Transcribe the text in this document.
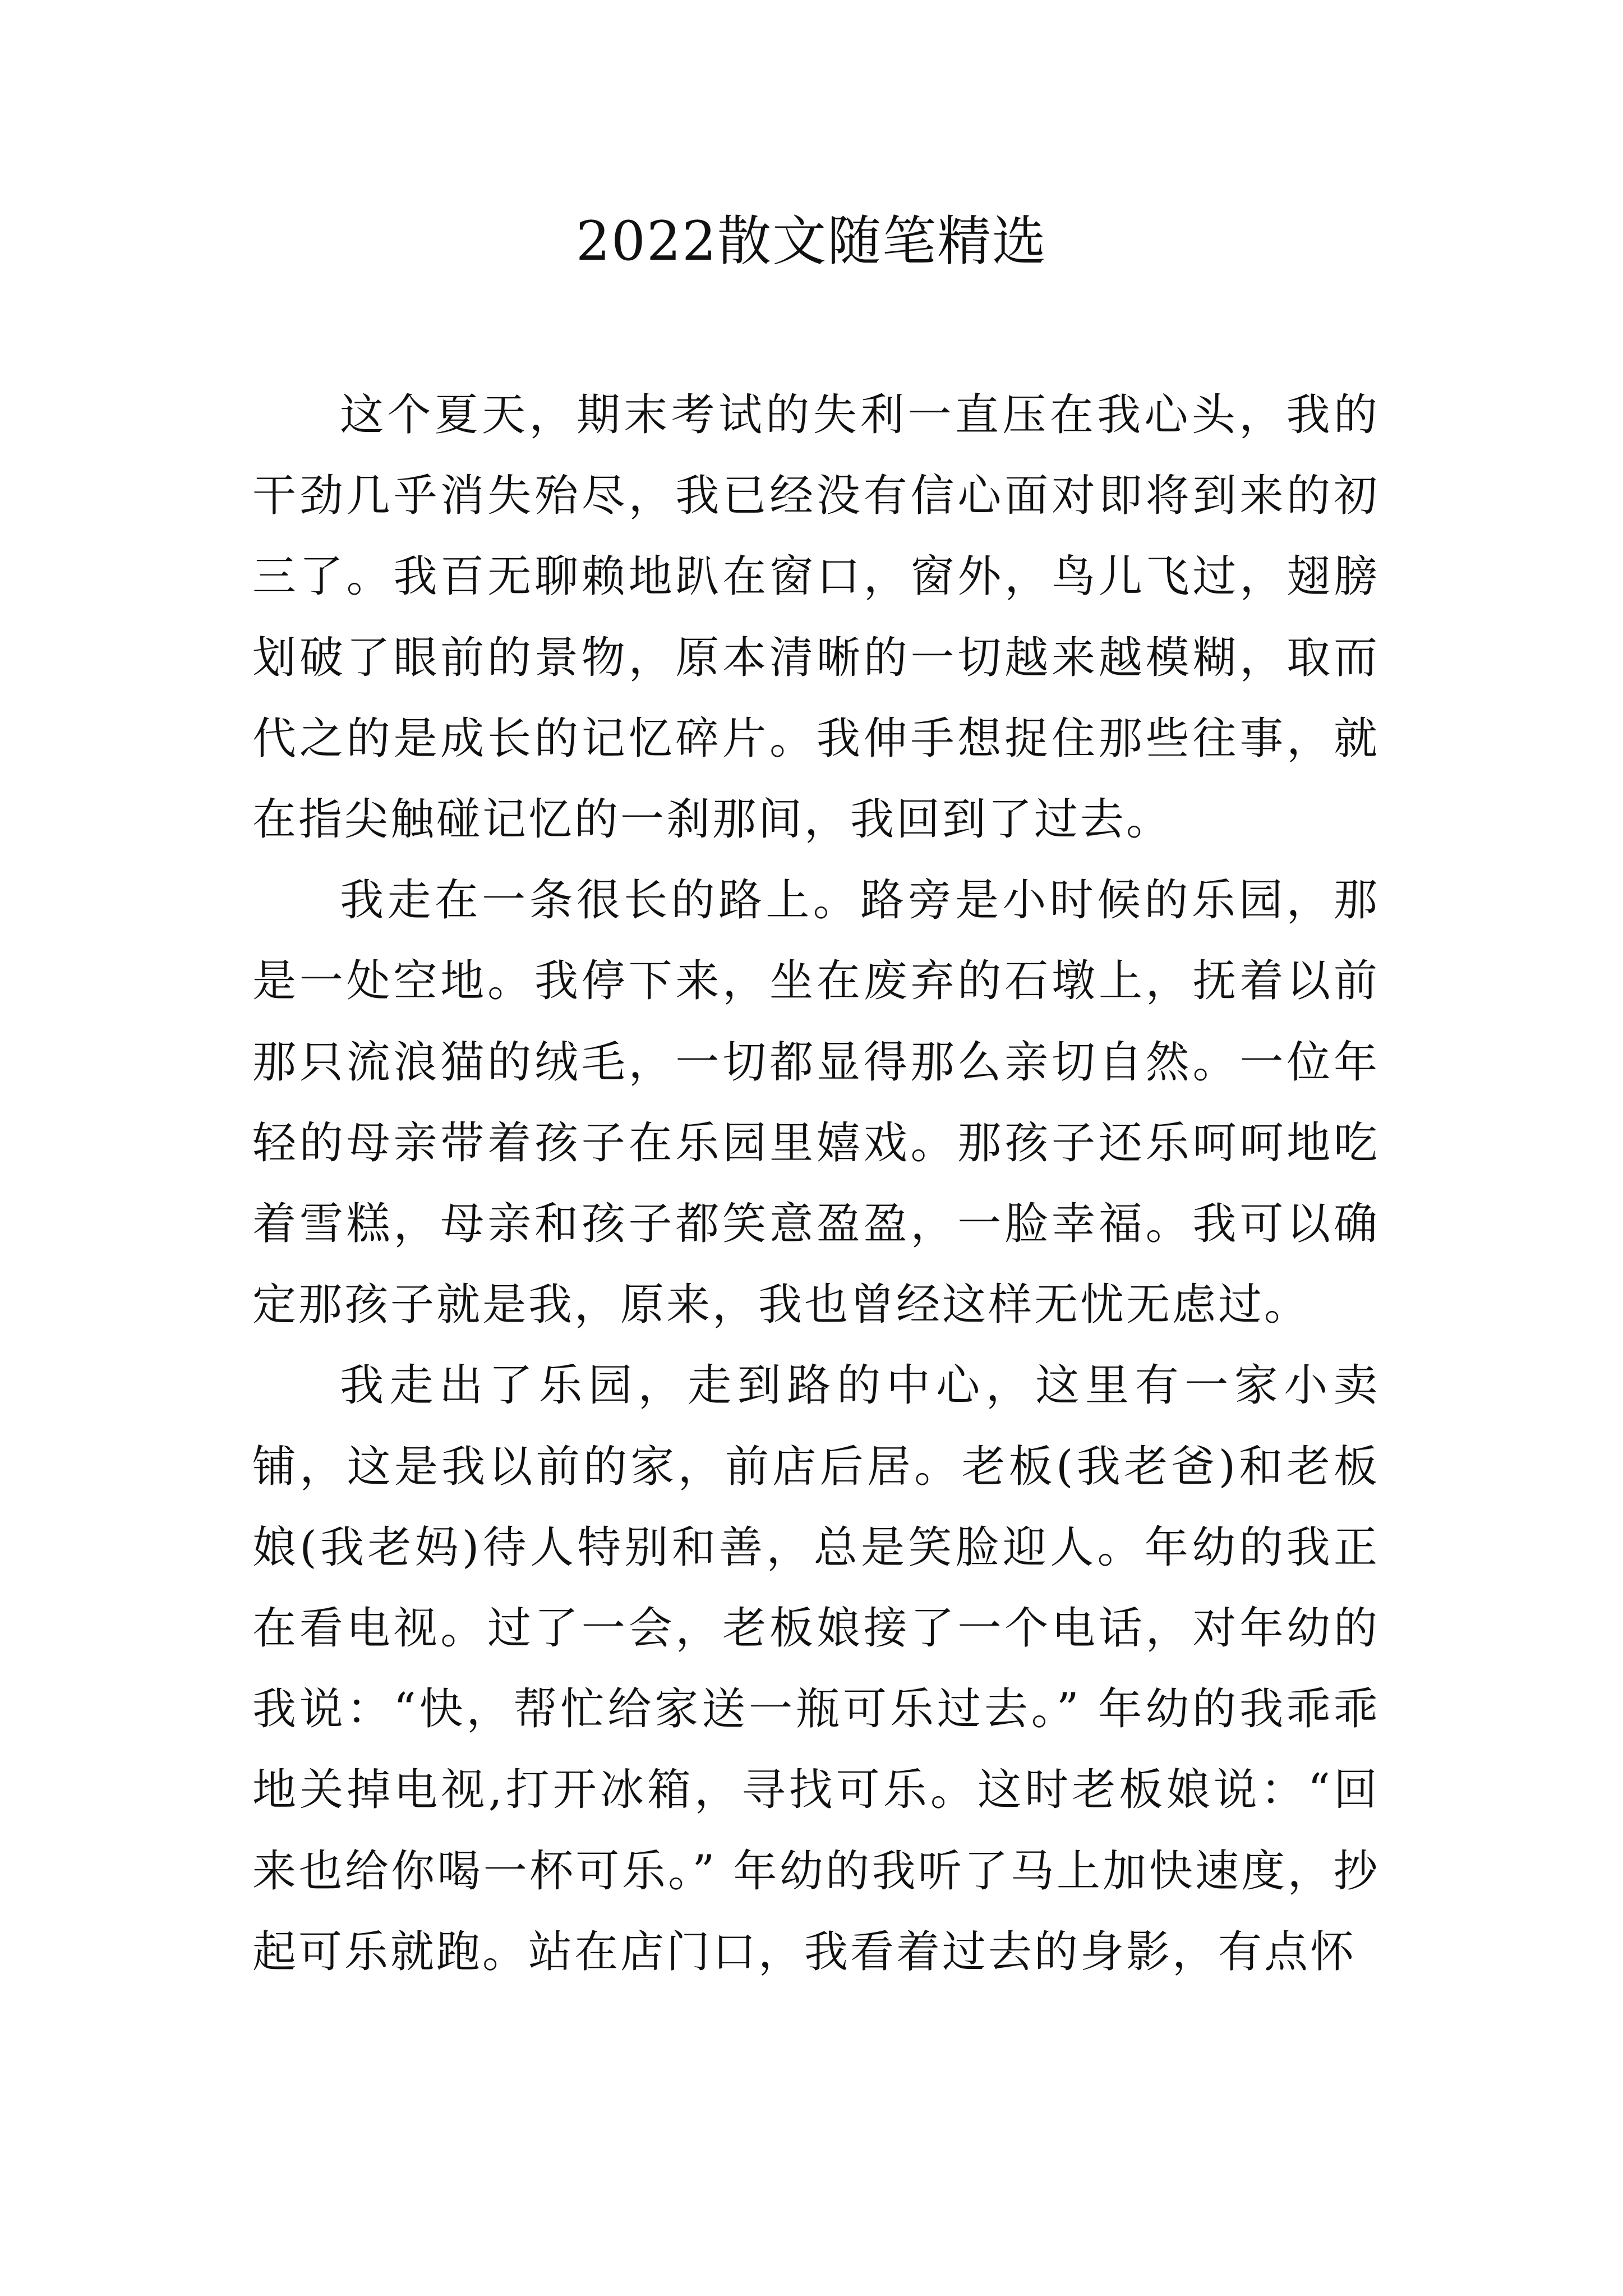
2022散文随笔精选

这个夏天，期末考试的失利一直压在我心头，我的干劲几乎消失殆尽，我已经没有信心面对即将到来的初三了。我百无聊赖地趴在窗口，窗外，鸟儿飞过，翅膀划破了眼前的景物，原本清晰的一切越来越模糊，取而代之的是成长的记忆碎片。我伸手想捉住那些往事，就在指尖触碰记忆的一刹那间，我回到了过去。

我走在一条很长的路上。路旁是小时候的乐园，那是一处空地。我停下来，坐在废弃的石墩上，抚着以前那只流浪猫的绒毛，一切都显得那么亲切自然。一位年轻的母亲带着孩子在乐园里嬉戏。那孩子还乐呵呵地吃着雪糕，母亲和孩子都笑意盈盈，一脸幸福。我可以确定那孩子就是我，原来，我也曾经这样无忧无虑过。

我走出了乐园，走到路的中心，这里有一家小卖铺，这是我以前的家，前店后居。老板(我老爸)和老板娘(我老妈)待人特别和善，总是笑脸迎人。年幼的我正在看电视。过了一会，老板娘接了一个电话，对年幼的我说：“快，帮忙给家送一瓶可乐过去。” 年幼的我乖乖地关掉电视,打开冰箱，寻找可乐。这时老板娘说：“回来也给你喝一杯可乐。” 年幼的我听了马上加快速度，抄起可乐就跑。站在店门口，我看着过去的身影，有点怀
